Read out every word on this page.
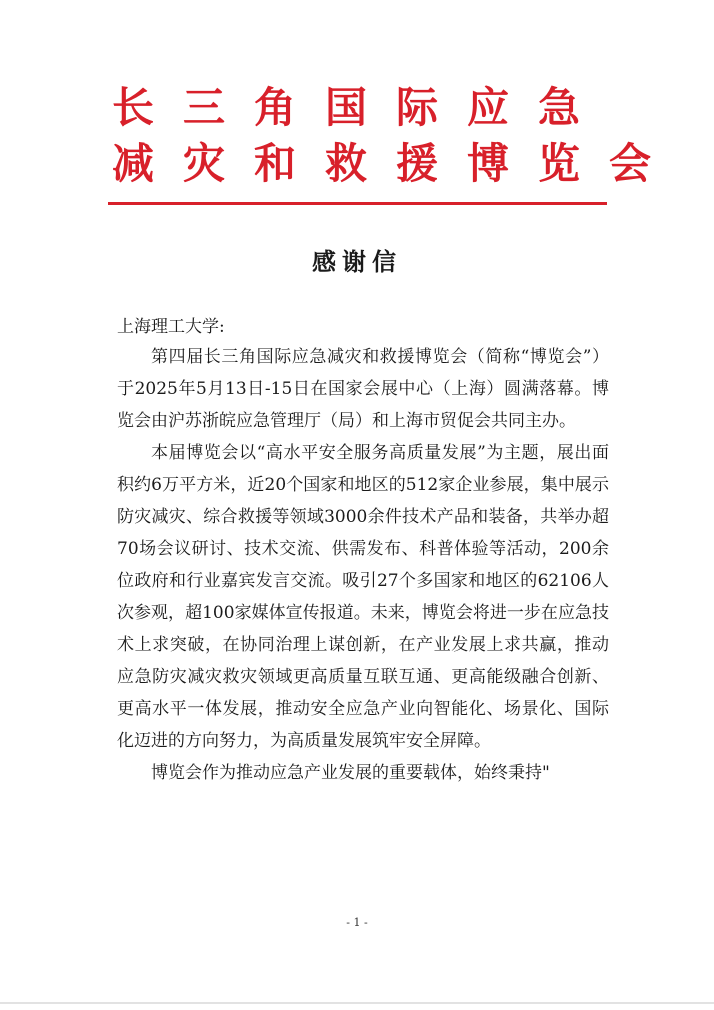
长 三 角 国 际 应 急
减 灾 和 救 援 博 览 会
感谢信
上海理工大学:

第四届长三角国际应急减灾和救援博览会（简称“博览会”）于2025年5月13日-15日在国家会展中心（上海）圆满落幕。博览会由沪苏浙皖应急管理厅（局）和上海市贸促会共同主办。

本届博览会以“高水平安全服务高质量发展”为主题，展出面积约6万平方米，近20个国家和地区的512家企业参展，集中展示防灾减灾、综合救援等领域3000余件技术产品和装备，共举办超70场会议研讨、技术交流、供需发布、科普体验等活动，200余位政府和行业嘉宾发言交流。吸引27个多国家和地区的62106人次参观，超100家媒体宣传报道。未来，博览会将进一步在应急技术上求突破，在协同治理上谋创新，在产业发展上求共赢，推动应急防灾减灾救灾领域更高质量互联互通、更高能级融合创新、更高水平一体发展，推动安全应急产业向智能化、场景化、国际化迈进的方向努力，为高质量发展筑牢安全屏障。

博览会作为推动应急产业发展的重要载体，始终秉持"

- 1 -
